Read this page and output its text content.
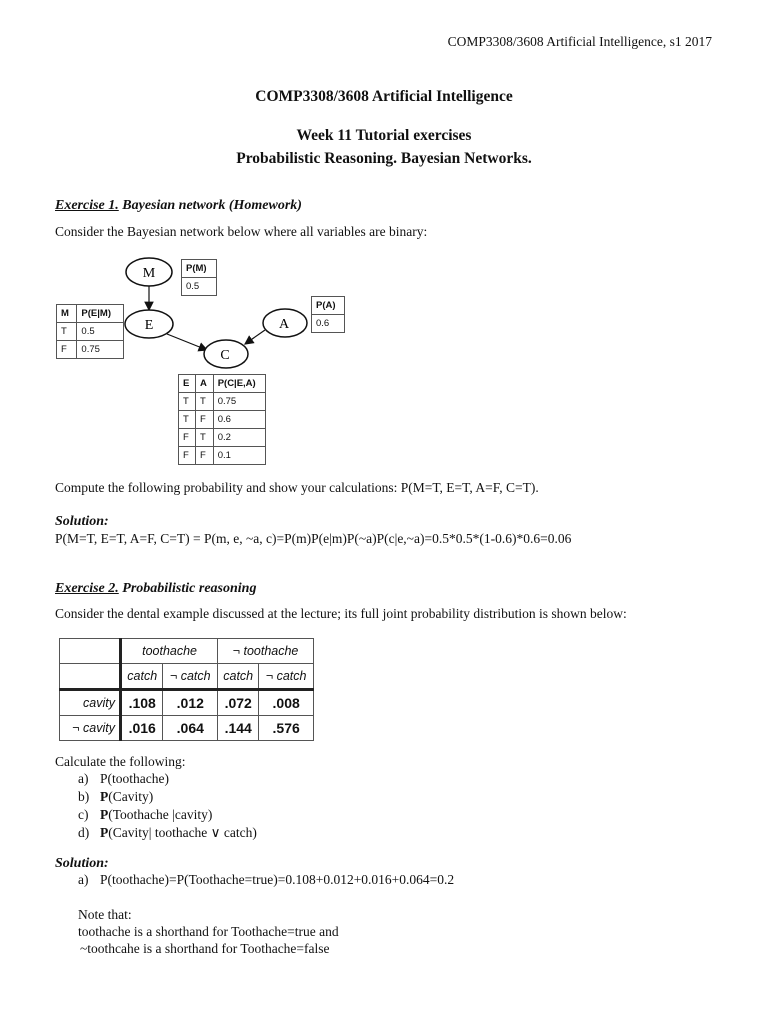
COMP3308/3608 Artificial Intelligence, s1 2017
COMP3308/3608 Artificial Intelligence
Week 11 Tutorial exercises
Probabilistic Reasoning. Bayesian Networks.
Exercise 1. Bayesian network (Homework)
Consider the Bayesian network below where all variables are binary:
M
E	A
C
P(M)
0.5
P(A)
0.6
M	P(E|M)
T	0.5
F	0.75
E	A	P(C|E,A)
T	T	0.75
T	F	0.6
F	T	0.2
F	F	0.1
Compute the following probability and show your calculations: P(M=T, E=T, A=F, C=T).
Solution:
P(M=T, E=T, A=F, C=T) = P(m, e, ~a, c)=P(m)P(e|m)P(~a)P(c|e,~a)=0.5*0.5*(1-0.6)*0.6=0.06
Exercise 2. Probabilistic reasoning
Consider the dental example discussed at the lecture; its full joint probability distribution is shown below:
	toothache		¬ toothache	
	catch	¬ catch	catch	¬ catch
cavity	.108	.012	.072	.008
¬ cavity	.016	.064	.144	.576
Calculate the following:
a) P(toothache)
b) P(Cavity)
c) P(Toothache |cavity)
d) P(Cavity| toothache ∨ catch)
Solution:
a) P(toothache)=P(Toothache=true)=0.108+0.012+0.016+0.064=0.2
Note that:
toothache is a shorthand for Toothache=true and
~toothcahe is a shorthand for Toothache=false
